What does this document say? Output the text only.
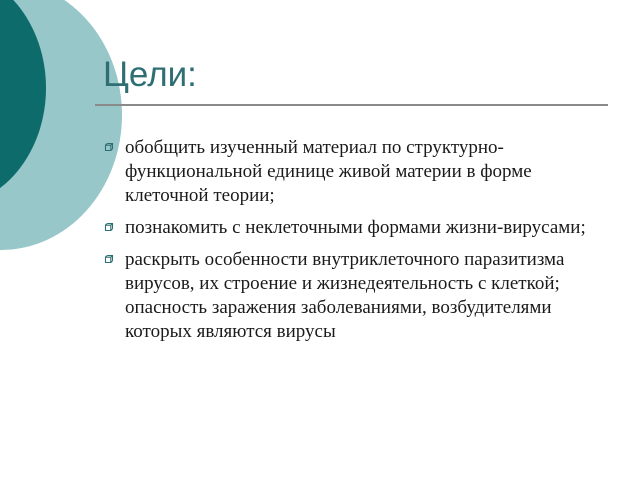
Цели:
обобщить изученный материал по структурно-функциональной единице живой материи в форме клеточной теории;
познакомить с неклеточными формами жизни-вирусами;
раскрыть особенности внутриклеточного паразитизма вирусов, их строение и жизнедеятельность с клеткой; опасность заражения заболеваниями, возбудителями которых являются вирусы
